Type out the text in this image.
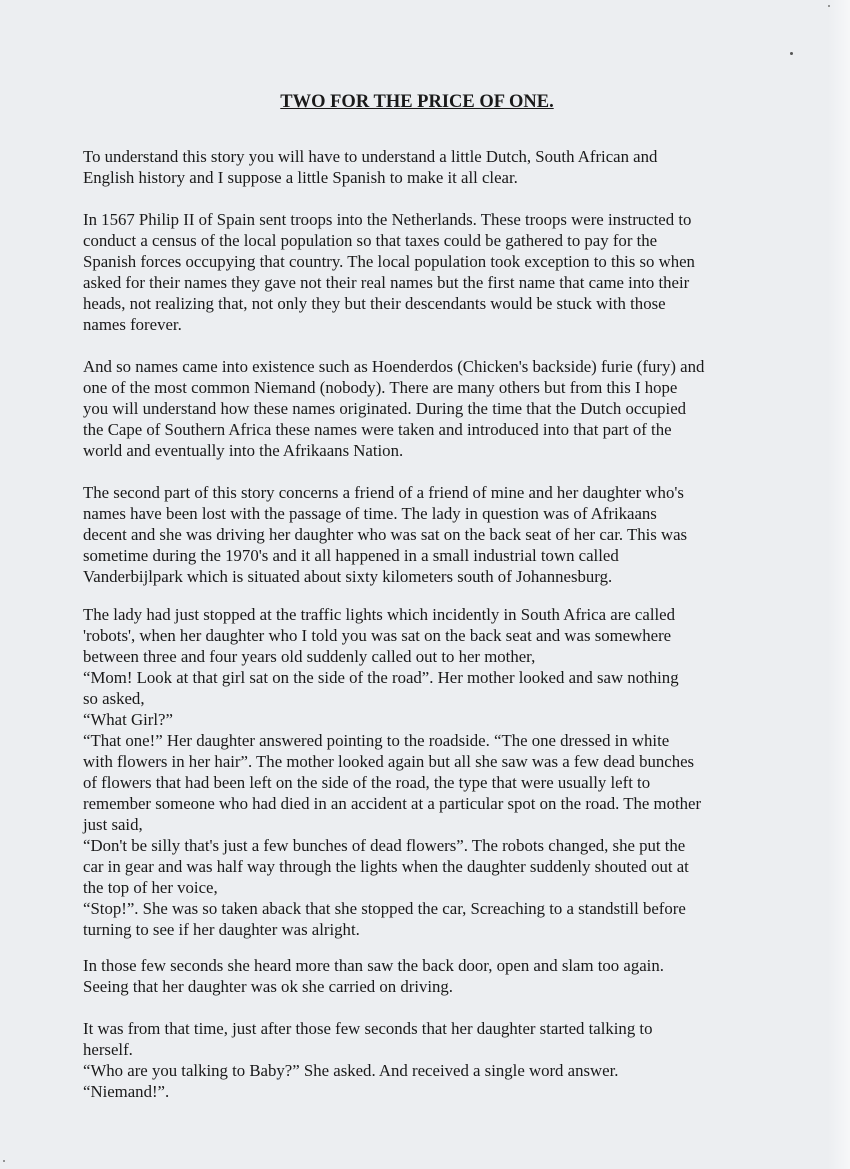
TWO FOR THE PRICE OF ONE.

To understand this story you will have to understand a little Dutch, South African and
English history and I suppose a little Spanish to make it all clear.

In 1567 Philip II of Spain sent troops into the Netherlands. These troops were instructed to
conduct a census of the local population so that taxes could be gathered to pay for the
Spanish forces occupying that country. The local population took exception to this so when
asked for their names they gave not their real names but the first name that came into their
heads, not realizing that, not only they but their descendants would be stuck with those
names forever.

And so names came into existence such as Hoenderdos (Chicken's backside) furie (fury) and
one of the most common Niemand (nobody). There are many others but from this I hope
you will understand how these names originated. During the time that the Dutch occupied
the Cape of Southern Africa these names were taken and introduced into that part of the
world and eventually into the Afrikaans Nation.

The second part of this story concerns a friend of a friend of mine and her daughter who's
names have been lost with the passage of time. The lady in question was of Afrikaans
decent and she was driving her daughter who was sat on the back seat of her car. This was
sometime during the 1970's and it all happened in a small industrial town called
Vanderbijlpark which is situated about sixty kilometers south of Johannesburg.

The lady had just stopped at the traffic lights which incidently in South Africa are called
'robots', when her daughter who I told you was sat on the back seat and was somewhere
between three and four years old suddenly called out to her mother,
“Mom! Look at that girl sat on the side of the road”. Her mother looked and saw nothing
so asked,
“What Girl?”
“That one!” Her daughter answered pointing to the roadside. “The one dressed in white
with flowers in her hair”. The mother looked again but all she saw was a few dead bunches
of flowers that had been left on the side of the road, the type that were usually left to
remember someone who had died in an accident at a particular spot on the road. The mother
just said,
“Don't be silly that's just a few bunches of dead flowers”. The robots changed, she put the
car in gear and was half way through the lights when the daughter suddenly shouted out at
the top of her voice,
“Stop!”. She was so taken aback that she stopped the car, Screaching to a standstill before
turning to see if her daughter was alright.

In those few seconds she heard more than saw the back door, open and slam too again.
Seeing that her daughter was ok she carried on driving.

It was from that time, just after those few seconds that her daughter started talking to
herself.
“Who are you talking to Baby?” She asked. And received a single word answer.
“Niemand!”.
